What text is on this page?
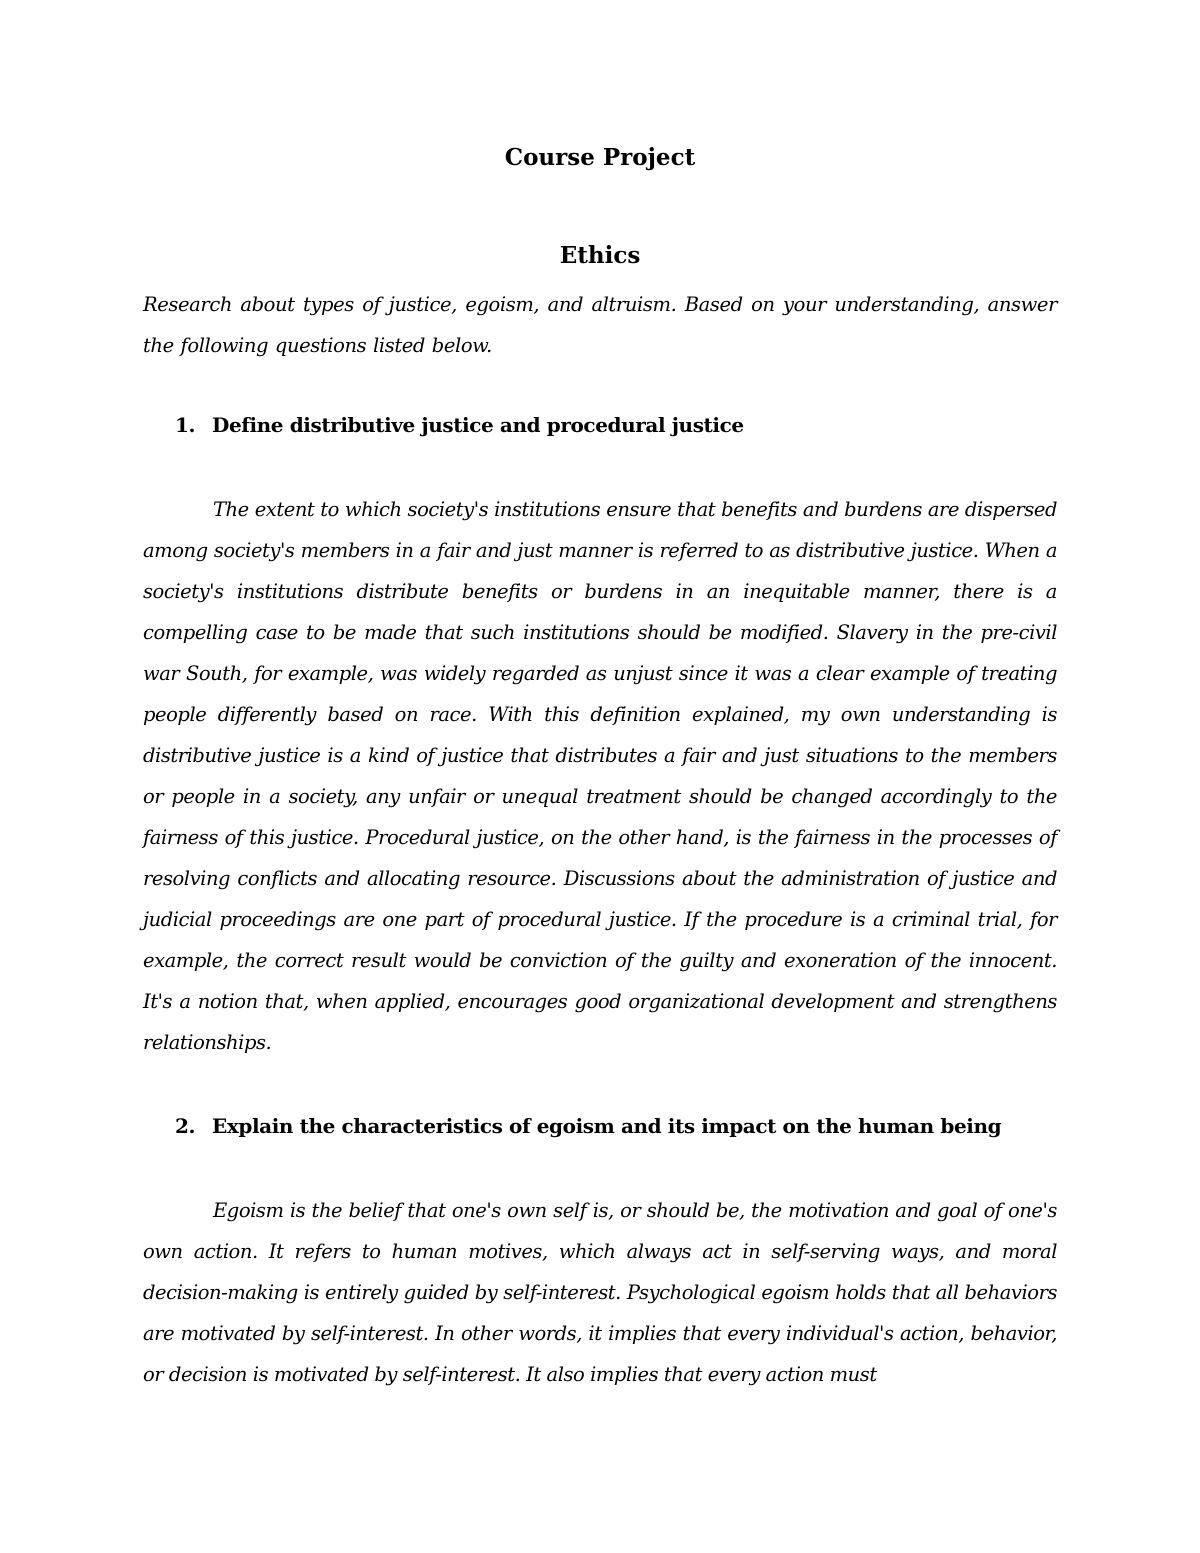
Course Project
Ethics

Research about types of justice, egoism, and altruism. Based on your understanding, answer the following questions listed below.

1. Define distributive justice and procedural justice

The extent to which society's institutions ensure that benefits and burdens are dispersed among society's members in a fair and just manner is referred to as distributive justice. When a society's institutions distribute benefits or burdens in an inequitable manner, there is a compelling case to be made that such institutions should be modified. Slavery in the pre-civil war South, for example, was widely regarded as unjust since it was a clear example of treating people differently based on race. With this definition explained, my own understanding is distributive justice is a kind of justice that distributes a fair and just situations to the members or people in a society, any unfair or unequal treatment should be changed accordingly to the fairness of this justice. Procedural justice, on the other hand, is the fairness in the processes of resolving conflicts and allocating resource. Discussions about the administration of justice and judicial proceedings are one part of procedural justice. If the procedure is a criminal trial, for example, the correct result would be conviction of the guilty and exoneration of the innocent. It's a notion that, when applied, encourages good organizational development and strengthens relationships.

2. Explain the characteristics of egoism and its impact on the human being

Egoism is the belief that one's own self is, or should be, the motivation and goal of one's own action. It refers to human motives, which always act in self-serving ways, and moral decision-making is entirely guided by self-interest. Psychological egoism holds that all behaviors are motivated by self-interest. In other words, it implies that every individual's action, behavior, or decision is motivated by self-interest. It also implies that every action must
